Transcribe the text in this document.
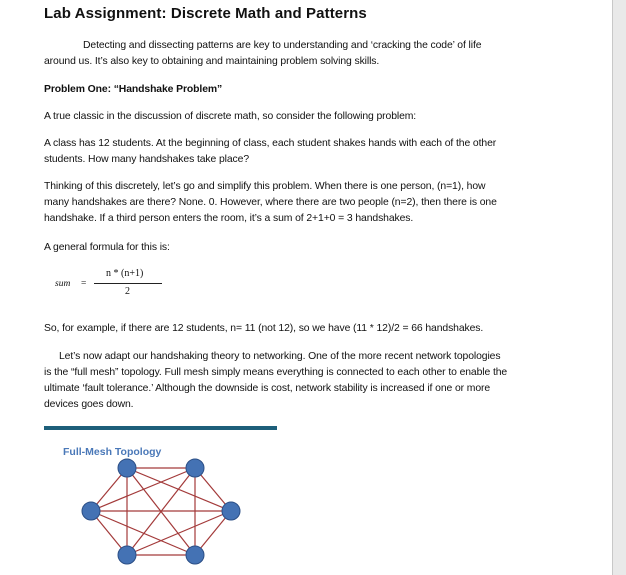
Lab Assignment: Discrete Math and Patterns
Detecting and dissecting patterns are key to understanding and ‘cracking the code’ of life
around us. It’s also key to obtaining and maintaining problem solving skills.
Problem One: “Handshake Problem”
A true classic in the discussion of discrete math, so consider the following problem:
A class has 12 students. At the beginning of class, each student shakes hands with each of the other
students. How many handshakes take place?
Thinking of this discretely, let’s go and simplify this problem. When there is one person, (n=1), how
many handshakes are there? None. 0. However, where there are two people (n=2), then there is one
handshake. If a third person enters the room, it’s a sum of 2+1+0 = 3 handshakes.
A general formula for this is:
sum =
n * (n+1)
2
So, for example, if there are 12 students, n= 11 (not 12), so we have (11 * 12)/2 = 66 handshakes.
Let’s now adapt our handshaking theory to networking. One of the more recent network topologies
is the “full mesh” topology. Full mesh simply means everything is connected to each other to enable the
ultimate ‘fault tolerance.’ Although the downside is cost, network stability is increased if one or more
devices goes down.
Full-Mesh Topology
